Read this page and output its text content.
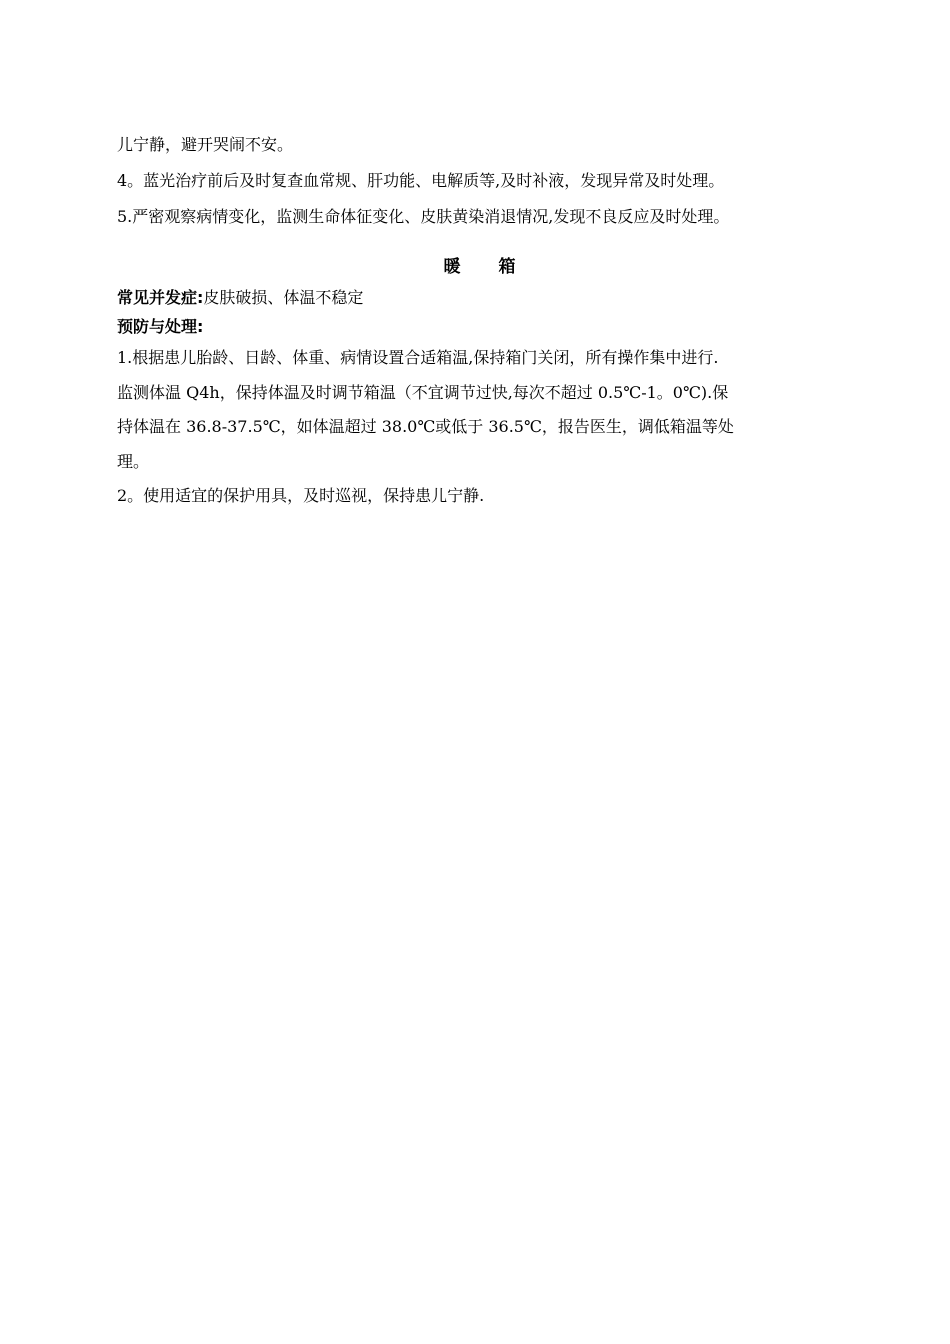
儿宁静，避开哭闹不安。

4。蓝光治疗前后及时复查血常规、肝功能、电解质等,及时补液，发现异常及时处理。

5.严密观察病情变化，监测生命体征变化、皮肤黄染消退情况,发现不良反应及时处理。

暖 箱

常见并发症:皮肤破损、体温不稳定

预防与处理:

1.根据患儿胎龄、日龄、体重、病情设置合适箱温,保持箱门关闭，所有操作集中进行.

监测体温 Q4h，保持体温及时调节箱温（不宜调节过快,每次不超过 0.5℃-1。0℃).保

持体温在 36.8-37.5℃，如体温超过 38.0℃或低于 36.5℃，报告医生，调低箱温等处

理。

2。使用适宜的保护用具，及时巡视，保持患儿宁静.
